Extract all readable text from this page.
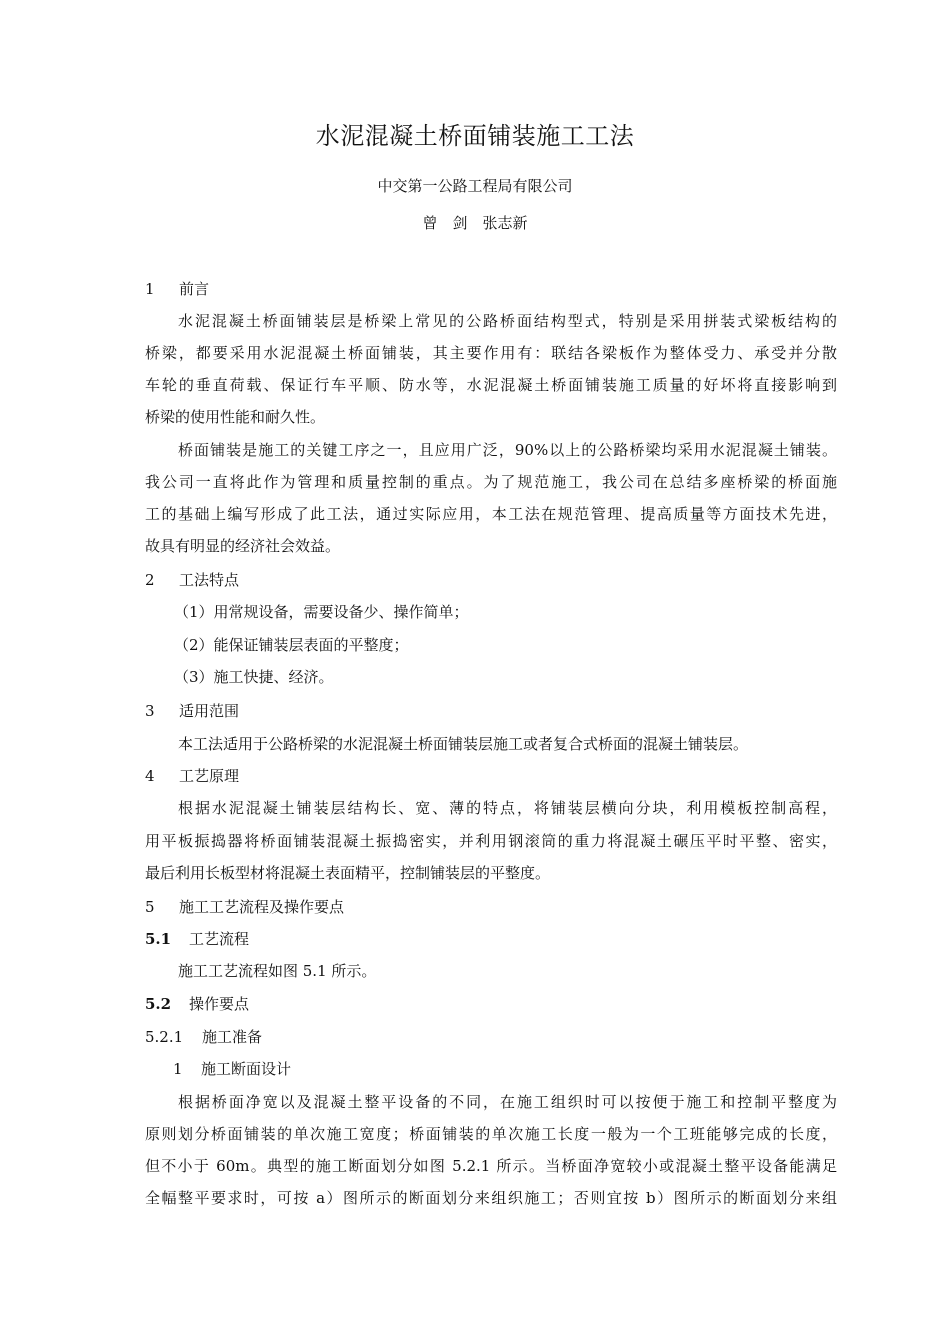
水泥混凝土桥面铺装施工工法
中交第一公路工程局有限公司
曾　剑　张志新
1 前言
水泥混凝土桥面铺装层是桥梁上常见的公路桥面结构型式，特别是采用拼装式梁板结构的
桥梁，都要采用水泥混凝土桥面铺装，其主要作用有：联结各梁板作为整体受力、承受并分散
车轮的垂直荷载、保证行车平顺、防水等，水泥混凝土桥面铺装施工质量的好坏将直接影响到
桥梁的使用性能和耐久性。
桥面铺装是施工的关键工序之一，且应用广泛，90%以上的公路桥梁均采用水泥混凝土铺装。
我公司一直将此作为管理和质量控制的重点。为了规范施工，我公司在总结多座桥梁的桥面施
工的基础上编写形成了此工法，通过实际应用，本工法在规范管理、提高质量等方面技术先进，
故具有明显的经济社会效益。
2 工法特点
（1）用常规设备，需要设备少、操作简单；
（2）能保证铺装层表面的平整度；
（3）施工快捷、经济。
3 适用范围
本工法适用于公路桥梁的水泥混凝土桥面铺装层施工或者复合式桥面的混凝土铺装层。
4 工艺原理
根据水泥混凝土铺装层结构长、宽、薄的特点，将铺装层横向分块，利用模板控制高程，
用平板振捣器将桥面铺装混凝土振捣密实，并利用钢滚筒的重力将混凝土碾压平时平整、密实，
最后利用长板型材将混凝土表面精平，控制铺装层的平整度。
5 施工工艺流程及操作要点
5.1 工艺流程
施工工艺流程如图 5.1 所示。
5.2 操作要点
5.2.1 施工准备
1 施工断面设计
根据桥面净宽以及混凝土整平设备的不同，在施工组织时可以按便于施工和控制平整度为
原则划分桥面铺装的单次施工宽度；桥面铺装的单次施工长度一般为一个工班能够完成的长度，
但不小于 60m。典型的施工断面划分如图 5.2.1 所示。当桥面净宽较小或混凝土整平设备能满足
全幅整平要求时，可按 a）图所示的断面划分来组织施工；否则宜按 b）图所示的断面划分来组
